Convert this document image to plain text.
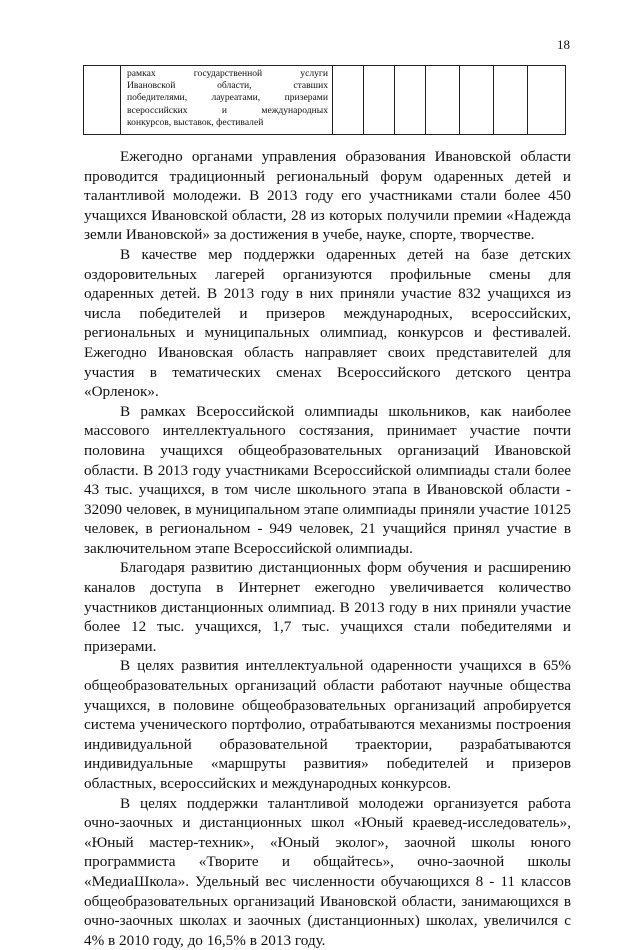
18

рамках государственной услуги
Ивановской области, ставших
победителями, лауреатами, призерами
всероссийских и международных
конкурсов, выставок, фестивалей

Ежегодно органами управления образования Ивановской области проводится традиционный региональный форум одаренных детей и талантливой молодежи. В 2013 году его участниками стали более 450 учащихся Ивановской области, 28 из которых получили премии «Надежда земли Ивановской» за достижения в учебе, науке, спорте, творчестве.

В качестве мер поддержки одаренных детей на базе детских оздоровительных лагерей организуются профильные смены для одаренных детей. В 2013 году в них приняли участие 832 учащихся из числа победителей и призеров международных, всероссийских, региональных и муниципальных олимпиад, конкурсов и фестивалей. Ежегодно Ивановская область направляет своих представителей для участия в тематических сменах Всероссийского детского центра «Орленок».

В рамках Всероссийской олимпиады школьников, как наиболее массового интеллектуального состязания, принимает участие почти половина учащихся общеобразовательных организаций Ивановской области. В 2013 году участниками Всероссийской олимпиады стали более 43 тыс. учащихся, в том числе школьного этапа в Ивановской области - 32090 человек, в муниципальном этапе олимпиады приняли участие 10125 человек, в региональном - 949 человек, 21 учащийся принял участие в заключительном этапе Всероссийской олимпиады.

Благодаря развитию дистанционных форм обучения и расширению каналов доступа в Интернет ежегодно увеличивается количество участников дистанционных олимпиад. В 2013 году в них приняли участие более 12 тыс. учащихся, 1,7 тыс. учащихся стали победителями и призерами.

В целях развития интеллектуальной одаренности учащихся в 65% общеобразовательных организаций области работают научные общества учащихся, в половине общеобразовательных организаций апробируется система ученического портфолио, отрабатываются механизмы построения индивидуальной образовательной траектории, разрабатываются индивидуальные «маршруты развития» победителей и призеров областных, всероссийских и международных конкурсов.

В целях поддержки талантливой молодежи организуется работа очно-заочных и дистанционных школ «Юный краевед-исследователь», «Юный мастер-техник», «Юный эколог», заочной школы юного программиста «Творите и общайтесь», очно-заочной школы «МедиаШкола». Удельный вес численности обучающихся 8 - 11 классов общеобразовательных организаций Ивановской области, занимающихся в очно-заочных школах и заочных (дистанционных) школах, увеличился с 4% в 2010 году, до 16,5% в 2013 году.
